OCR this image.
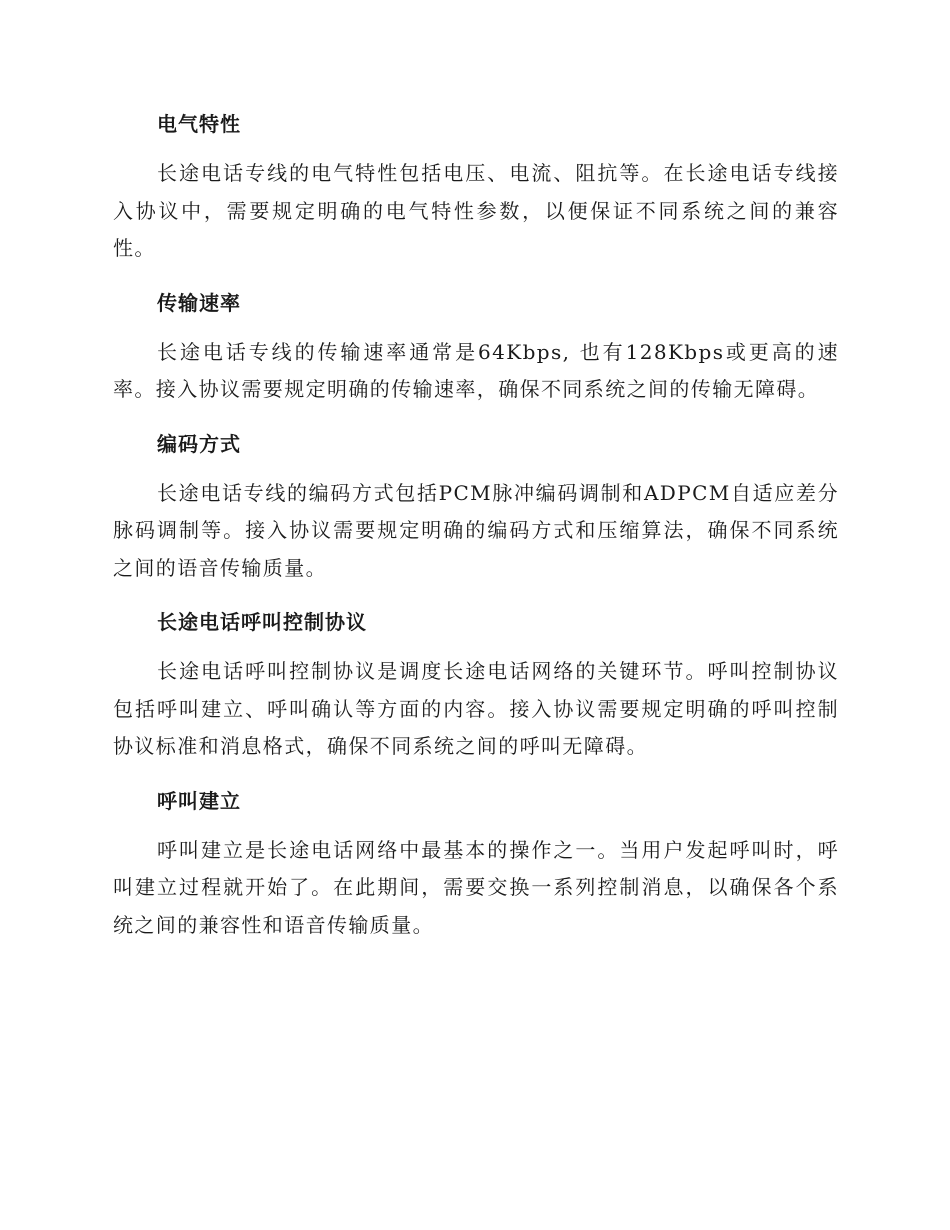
电气特性

长途电话专线的电气特性包括电压、电流、阻抗等。在长途电话专线接入协议中，需要规定明确的电气特性参数，以便保证不同系统之间的兼容性。

传输速率

长途电话专线的传输速率通常是64Kbps, 也有128Kbps或更高的速率。接入协议需要规定明确的传输速率，确保不同系统之间的传输无障碍。

编码方式

长途电话专线的编码方式包括PCM脉冲编码调制和ADPCM自适应差分脉码调制等。接入协议需要规定明确的编码方式和压缩算法，确保不同系统之间的语音传输质量。

长途电话呼叫控制协议

长途电话呼叫控制协议是调度长途电话网络的关键环节。呼叫控制协议包括呼叫建立、呼叫确认等方面的内容。接入协议需要规定明确的呼叫控制协议标准和消息格式，确保不同系统之间的呼叫无障碍。

呼叫建立

呼叫建立是长途电话网络中最基本的操作之一。当用户发起呼叫时，呼叫建立过程就开始了。在此期间，需要交换一系列控制消息，以确保各个系统之间的兼容性和语音传输质量。
